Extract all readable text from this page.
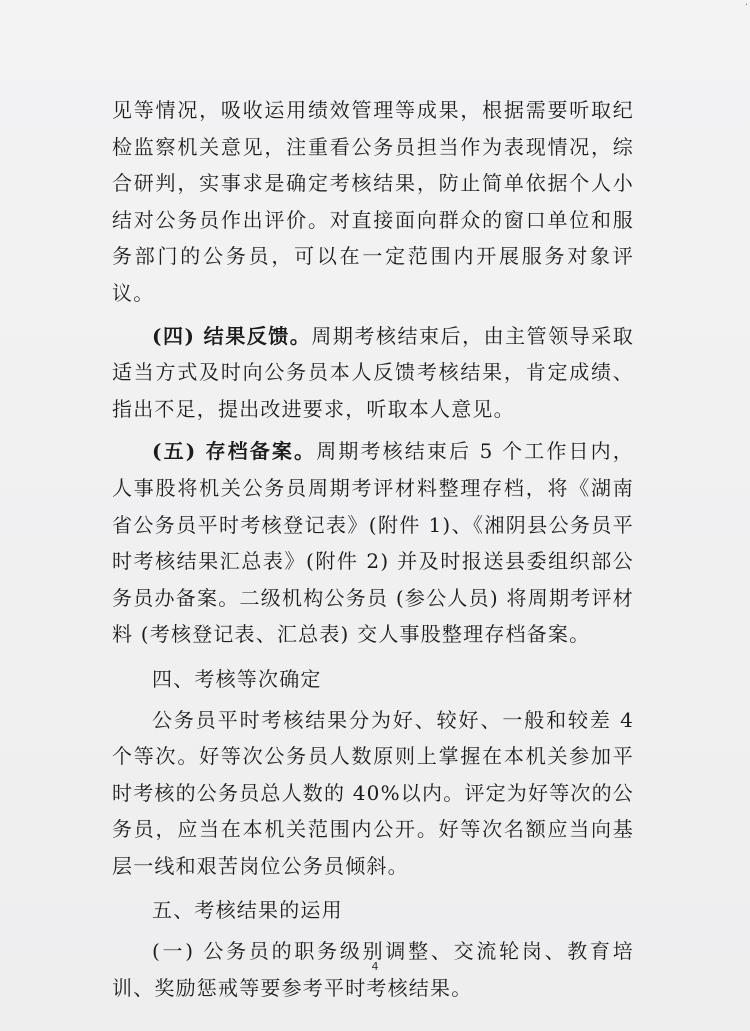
·

见等情况，吸收运用绩效管理等成果，根据需要听取纪检监察机关意见，注重看公务员担当作为表现情况，综合研判，实事求是确定考核结果，防止简单依据个人小结对公务员作出评价。对直接面向群众的窗口单位和服务部门的公务员，可以在一定范围内开展服务对象评议。

(四) 结果反馈。周期考核结束后，由主管领导采取适当方式及时向公务员本人反馈考核结果，肯定成绩、指出不足，提出改进要求，听取本人意见。

(五) 存档备案。周期考核结束后 5 个工作日内，人事股将机关公务员周期考评材料整理存档，将《湖南省公务员平时考核登记表》(附件 1)、《湘阴县公务员平时考核结果汇总表》(附件 2) 并及时报送县委组织部公务员办备案。二级机构公务员 (参公人员) 将周期考评材料 (考核登记表、汇总表) 交人事股整理存档备案。

四、考核等次确定

公务员平时考核结果分为好、较好、一般和较差 4 个等次。好等次公务员人数原则上掌握在本机关参加平时考核的公务员总人数的 40%以内。评定为好等次的公务员，应当在本机关范围内公开。好等次名额应当向基层一线和艰苦岗位公务员倾斜。

五、考核结果的运用

(一) 公务员的职务级别调整、交流轮岗、教育培训、奖励惩戒等要参考平时考核结果。

4
